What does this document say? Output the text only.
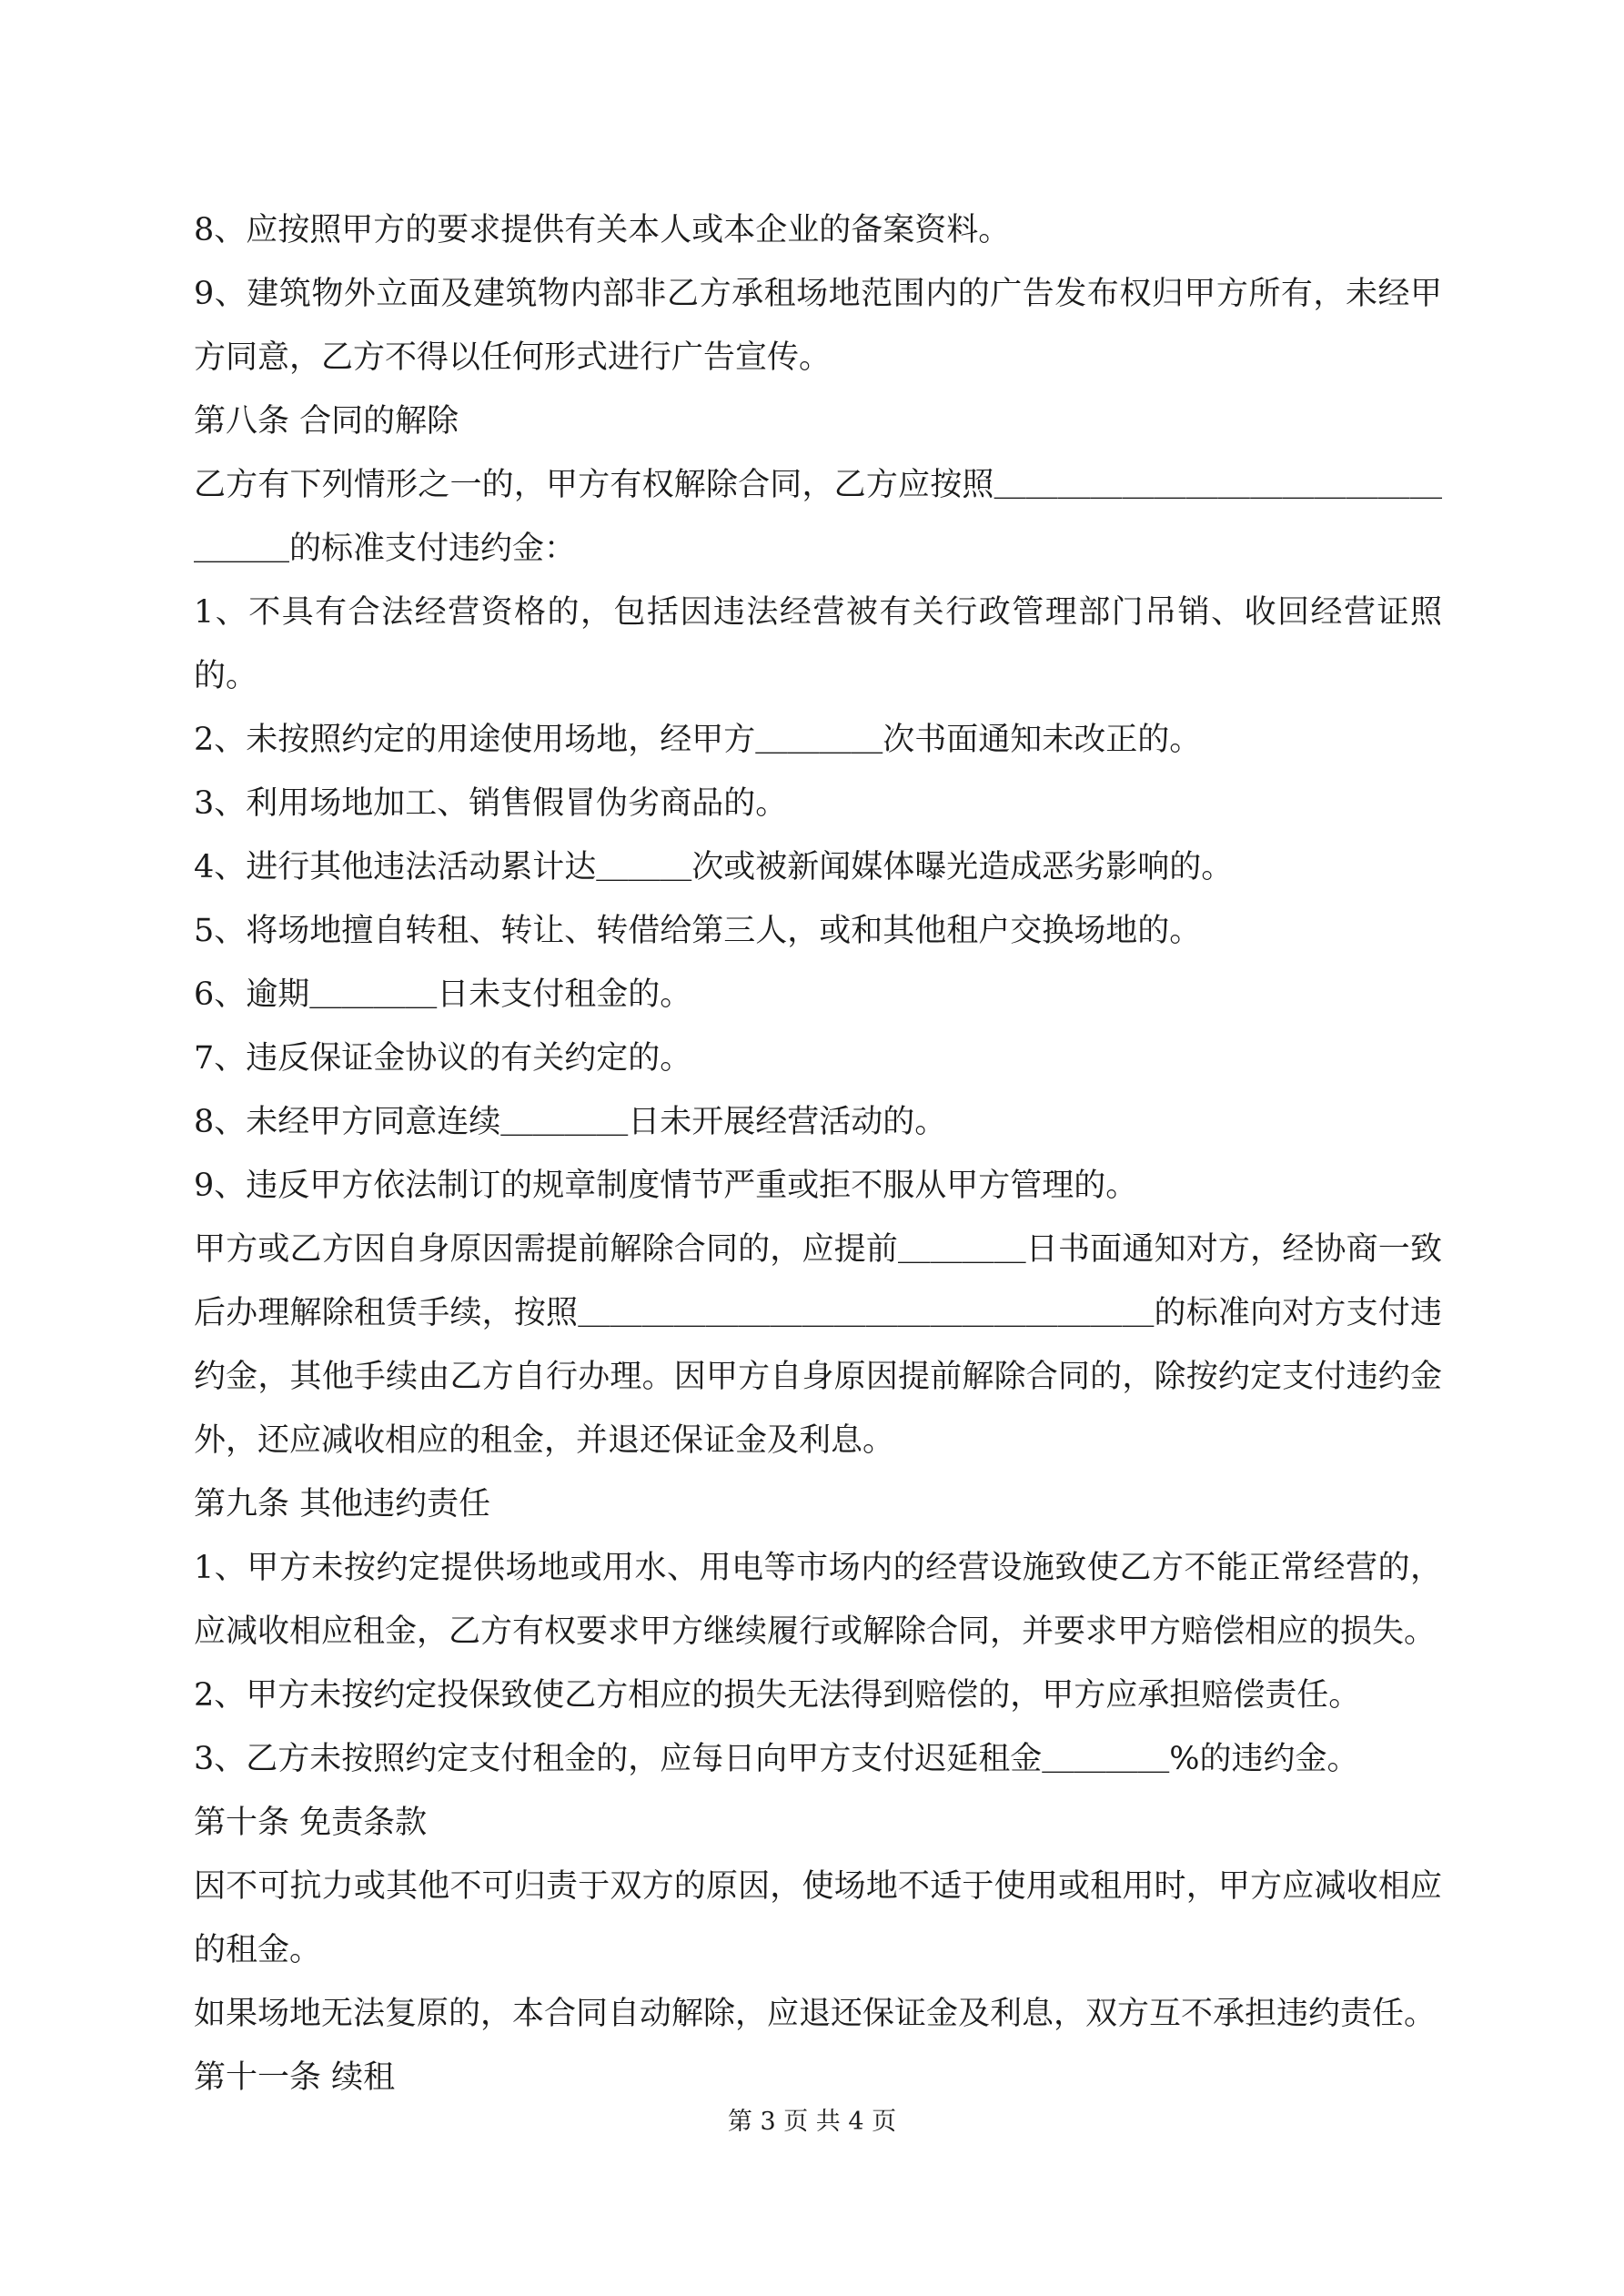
8、应按照甲方的要求提供有关本人或本企业的备案资料。

9、建筑物外立面及建筑物内部非乙方承租场地范围内的广告发布权归甲方所有，未经甲方同意，乙方不得以任何形式进行广告宣传。

第八条 合同的解除

乙方有下列情形之一的，甲方有权解除合同，乙方应按照＿＿＿＿＿＿＿＿＿＿＿＿＿＿＿＿＿的标准支付违约金：

1、不具有合法经营资格的，包括因违法经营被有关行政管理部门吊销、收回经营证照的。

2、未按照约定的用途使用场地，经甲方＿＿＿＿次书面通知未改正的。

3、利用场地加工、销售假冒伪劣商品的。

4、进行其他违法活动累计达＿＿＿次或被新闻媒体曝光造成恶劣影响的。

5、将场地擅自转租、转让、转借给第三人，或和其他租户交换场地的。

6、逾期＿＿＿＿日未支付租金的。

7、违反保证金协议的有关约定的。

8、未经甲方同意连续＿＿＿＿日未开展经营活动的。

9、违反甲方依法制订的规章制度情节严重或拒不服从甲方管理的。

甲方或乙方因自身原因需提前解除合同的，应提前＿＿＿＿日书面通知对方，经协商一致后办理解除租赁手续，按照＿＿＿＿＿＿＿＿＿＿＿＿＿＿＿＿＿＿的标准向对方支付违约金，其他手续由乙方自行办理。因甲方自身原因提前解除合同的，除按约定支付违约金外，还应减收相应的租金，并退还保证金及利息。

第九条 其他违约责任

1、甲方未按约定提供场地或用水、用电等市场内的经营设施致使乙方不能正常经营的，应减收相应租金，乙方有权要求甲方继续履行或解除合同，并要求甲方赔偿相应的损失。

2、甲方未按约定投保致使乙方相应的损失无法得到赔偿的，甲方应承担赔偿责任。

3、乙方未按照约定支付租金的，应每日向甲方支付迟延租金＿＿＿＿%的违约金。

第十条 免责条款

因不可抗力或其他不可归责于双方的原因，使场地不适于使用或租用时，甲方应减收相应的租金。

如果场地无法复原的，本合同自动解除，应退还保证金及利息，双方互不承担违约责任。

第十一条 续租

第 3 页 共 4 页
